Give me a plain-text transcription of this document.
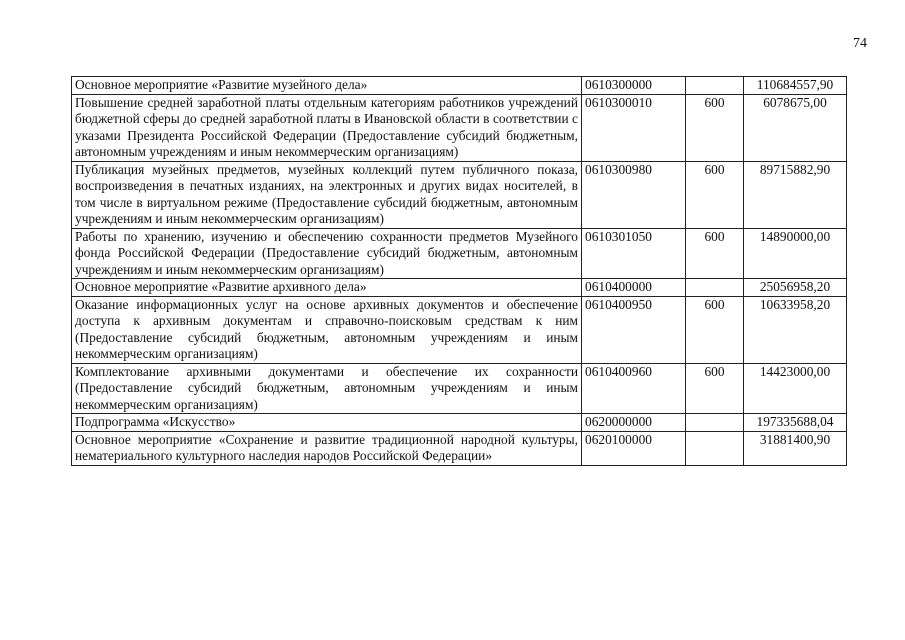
74
Основное мероприятие «Развитие музейного дела»	0610300000		110684557,90
Повышение средней заработной платы отдельным категориям работников учреждений бюджетной сферы до средней заработной платы в Ивановской области в соответствии с указами Президента Российской Федерации (Предоставление субсидий бюджетным, автономным учреждениям и иным некоммерческим организациям)	0610300010	600	6078675,00
Публикация музейных предметов, музейных коллекций путем публичного показа, воспроизведения в печатных изданиях, на электронных и других видах носителей, в том числе в виртуальном режиме (Предоставление субсидий бюджетным, автономным учреждениям и иным некоммерческим организациям)	0610300980	600	89715882,90
Работы по хранению, изучению и обеспечению сохранности предметов Музейного фонда Российской Федерации (Предоставление субсидий бюджетным, автономным учреждениям и иным некоммерческим организациям)	0610301050	600	14890000,00
Основное мероприятие «Развитие архивного дела»	0610400000		25056958,20
Оказание информационных услуг на основе архивных документов и обеспечение доступа к архивным документам и справочно-поисковым средствам к ним (Предоставление субсидий бюджетным, автономным учреждениям и иным некоммерческим организациям)	0610400950	600	10633958,20
Комплектование архивными документами и обеспечение их сохранности (Предоставление субсидий бюджетным, автономным учреждениям и иным некоммерческим организациям)	0610400960	600	14423000,00
Подпрограмма «Искусство»	0620000000		197335688,04
Основное мероприятие «Сохранение и развитие традиционной народной культуры, нематериального культурного наследия народов Российской Федерации»	0620100000		31881400,90
